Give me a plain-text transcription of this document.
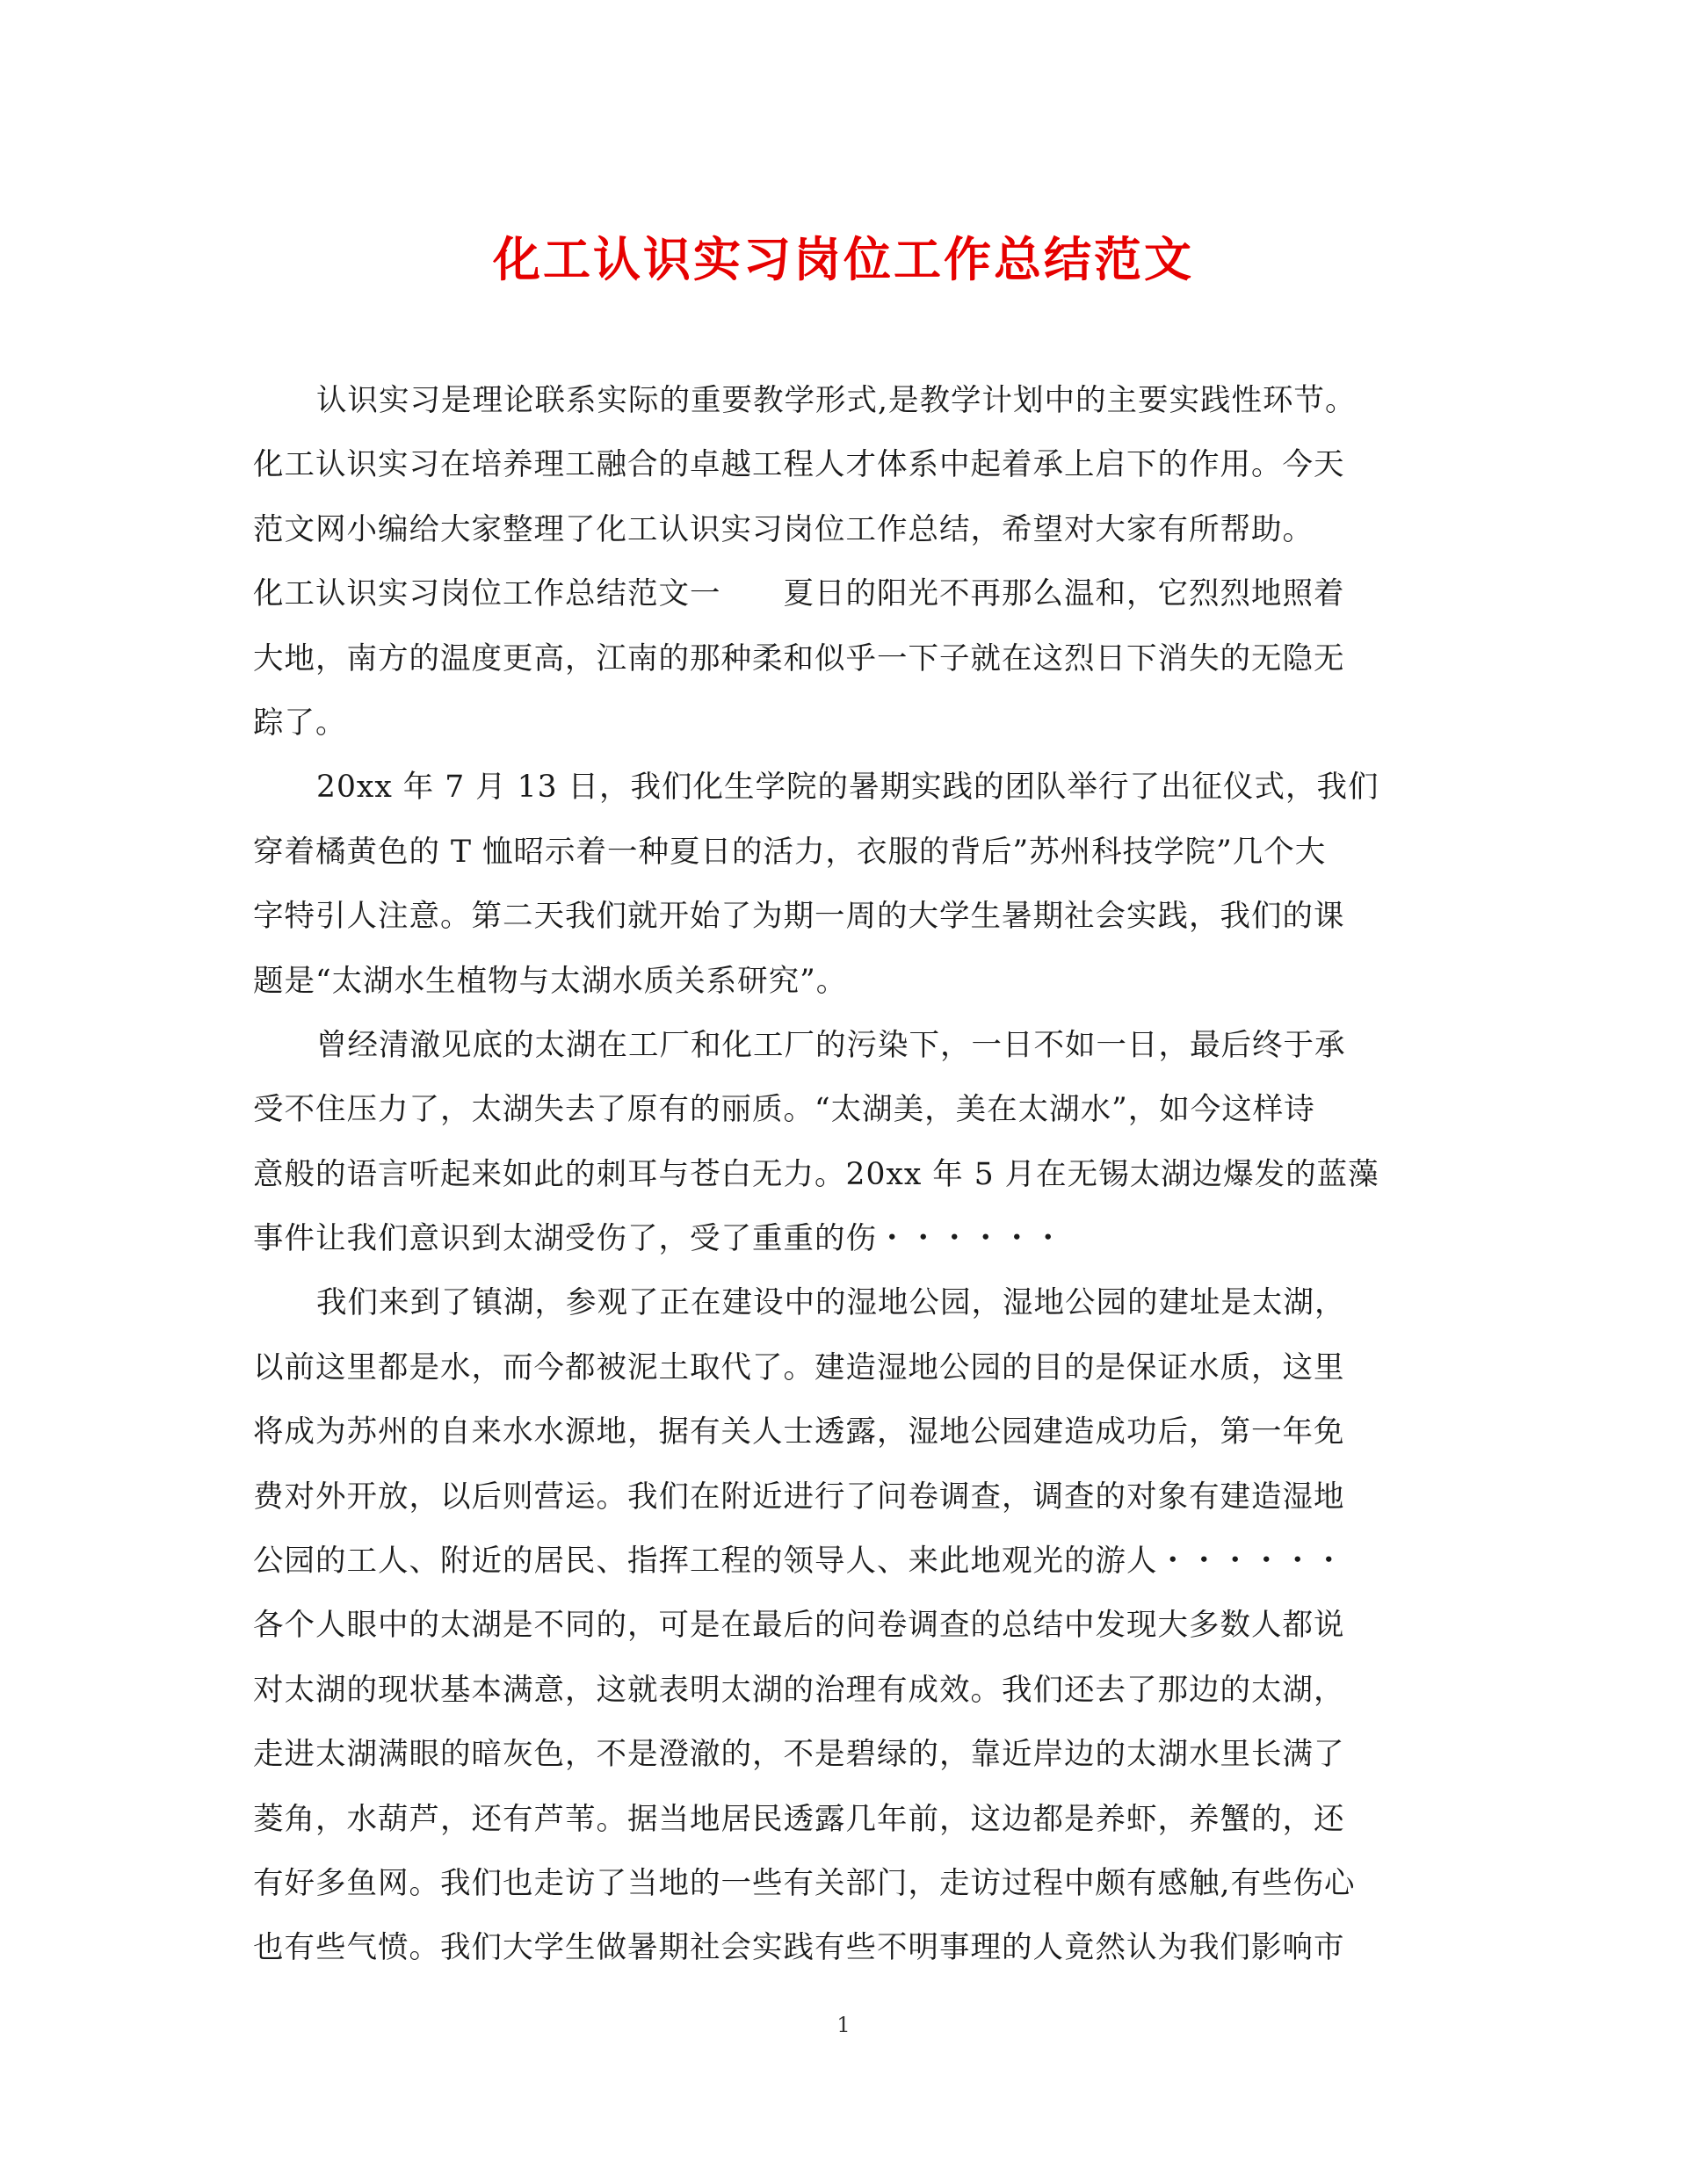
化工认识实习岗位工作总结范文
认识实习是理论联系实际的重要教学形式,是教学计划中的主要实践性环节。
化工认识实习在培养理工融合的卓越工程人才体系中起着承上启下的作用。今天
范文网小编给大家整理了化工认识实习岗位工作总结，希望对大家有所帮助。
化工认识实习岗位工作总结范文一　　夏日的阳光不再那么温和，它烈烈地照着
大地，南方的温度更高，江南的那种柔和似乎一下子就在这烈日下消失的无隐无
踪了。
20xx 年 7 月 13 日，我们化生学院的暑期实践的团队举行了出征仪式，我们
穿着橘黄色的 T 恤昭示着一种夏日的活力，衣服的背后”苏州科技学院”几个大
字特引人注意。第二天我们就开始了为期一周的大学生暑期社会实践，我们的课
题是“太湖水生植物与太湖水质关系研究”。
曾经清澈见底的太湖在工厂和化工厂的污染下，一日不如一日，最后终于承
受不住压力了，太湖失去了原有的丽质。“太湖美，美在太湖水”，如今这样诗
意般的语言听起来如此的刺耳与苍白无力。20xx 年 5 月在无锡太湖边爆发的蓝藻
事件让我们意识到太湖受伤了，受了重重的伤・・・・・・
我们来到了镇湖，参观了正在建设中的湿地公园，湿地公园的建址是太湖，
以前这里都是水，而今都被泥土取代了。建造湿地公园的目的是保证水质，这里
将成为苏州的自来水水源地，据有关人士透露，湿地公园建造成功后，第一年免
费对外开放，以后则营运。我们在附近进行了问卷调查，调查的对象有建造湿地
公园的工人、附近的居民、指挥工程的领导人、来此地观光的游人・・・・・・
各个人眼中的太湖是不同的，可是在最后的问卷调查的总结中发现大多数人都说
对太湖的现状基本满意，这就表明太湖的治理有成效。我们还去了那边的太湖，
走进太湖满眼的暗灰色，不是澄澈的，不是碧绿的，靠近岸边的太湖水里长满了
菱角，水葫芦，还有芦苇。据当地居民透露几年前，这边都是养虾，养蟹的，还
有好多鱼网。我们也走访了当地的一些有关部门，走访过程中颇有感触,有些伤心
也有些气愤。我们大学生做暑期社会实践有些不明事理的人竟然认为我们影响市
1
